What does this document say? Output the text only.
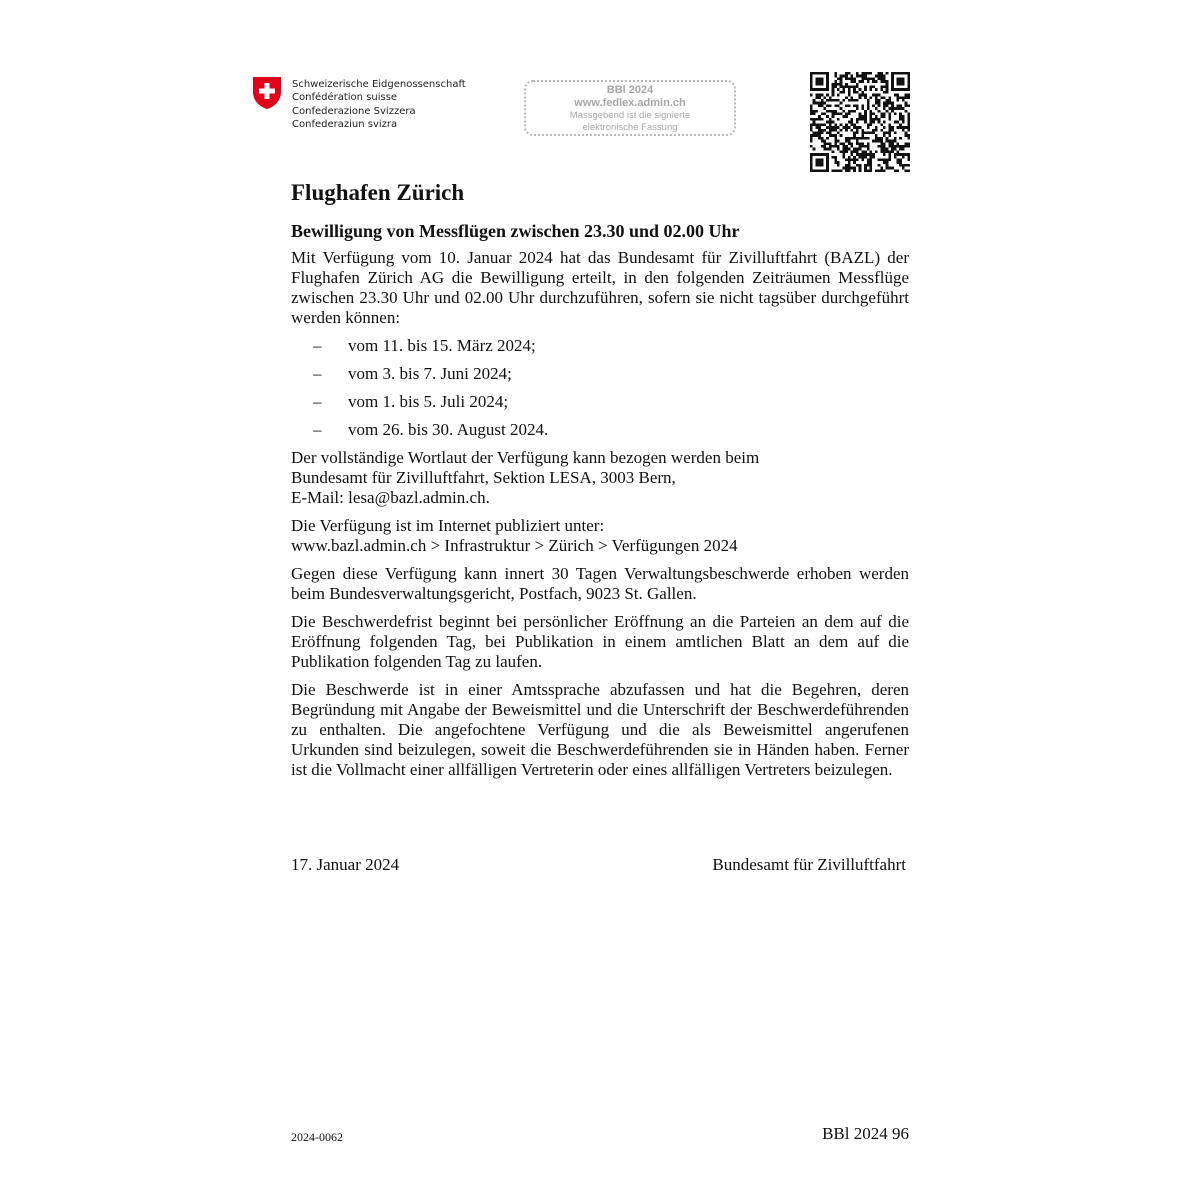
Schweizerische Eidgenossenschaft
Confédération suisse
Confederazione Svizzera
Confederaziun svizra
BBl 2024
www.fedlex.admin.ch
Massgebend ist die signierte
elektronische Fassung
Flughafen Zürich
Bewilligung von Messflügen zwischen 23.30 und 02.00 Uhr

Mit Verfügung vom 10. Januar 2024 hat das Bundesamt für Zivilluftfahrt (BAZL) der Flughafen Zürich AG die Bewilligung erteilt, in den folgenden Zeiträumen Messflüge zwischen 23.30 Uhr und 02.00 Uhr durchzuführen, sofern sie nicht tagsüber durchgeführt werden können:

– vom 11. bis 15. März 2024;
– vom 3. bis 7. Juni 2024;
– vom 1. bis 5. Juli 2024;
– vom 26. bis 30. August 2024.

Der vollständige Wortlaut der Verfügung kann bezogen werden beim
Bundesamt für Zivilluftfahrt, Sektion LESA, 3003 Bern,
E-Mail: lesa@bazl.admin.ch.

Die Verfügung ist im Internet publiziert unter:
www.bazl.admin.ch > Infrastruktur > Zürich > Verfügungen 2024

Gegen diese Verfügung kann innert 30 Tagen Verwaltungsbeschwerde erhoben werden beim Bundesverwaltungsgericht, Postfach, 9023 St. Gallen.

Die Beschwerdefrist beginnt bei persönlicher Eröffnung an die Parteien an dem auf die Eröffnung folgenden Tag, bei Publikation in einem amtlichen Blatt an dem auf die Publikation folgenden Tag zu laufen.

Die Beschwerde ist in einer Amtssprache abzufassen und hat die Begehren, deren Begründung mit Angabe der Beweismittel und die Unterschrift der Beschwerdeführenden zu enthalten. Die angefochtene Verfügung und die als Beweismittel angerufenen Urkunden sind beizulegen, soweit die Beschwerdeführenden sie in Händen haben. Ferner ist die Vollmacht einer allfälligen Vertreterin oder eines allfälligen Vertreters beizulegen.

17. Januar 2024	Bundesamt für Zivilluftfahrt
2024-0062	BBl 2024 96
